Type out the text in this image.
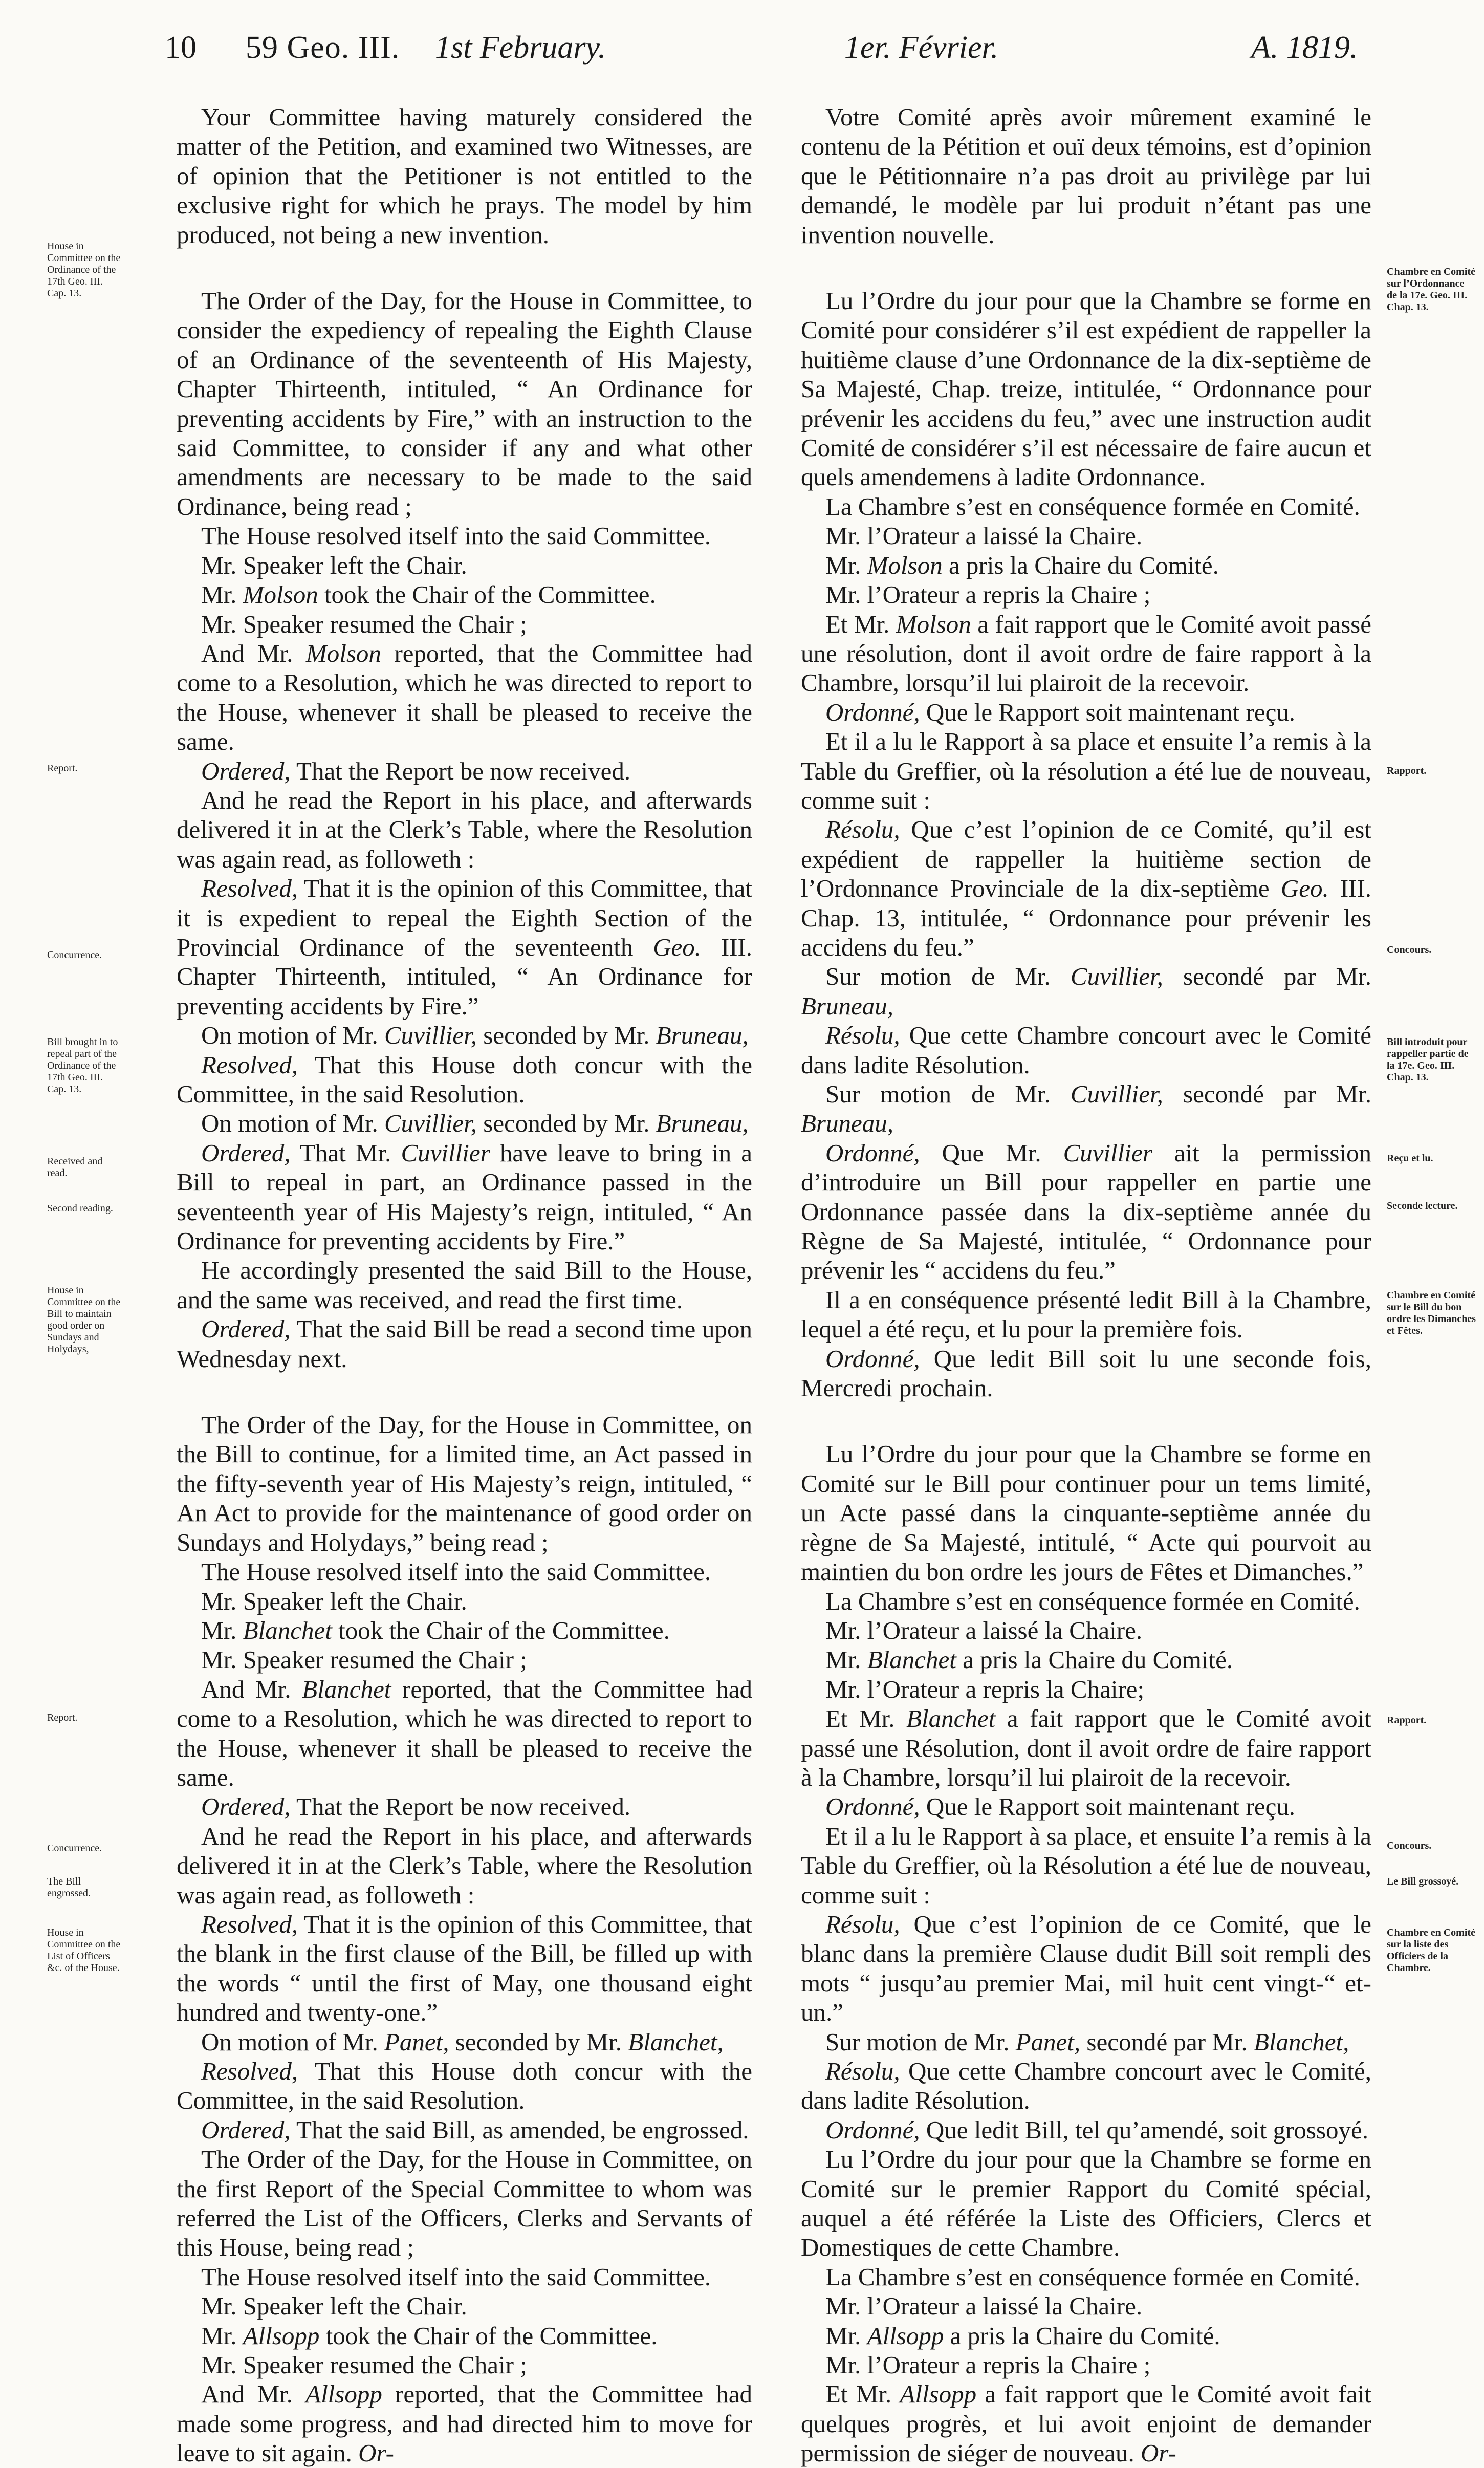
10 59 Geo. III. 1st February.	1er. Février.	A. 1819.
House in Committee on the Ordinance of the 17th Geo. III. Cap. 13.
Report.
Concurrence.
Bill brought in to repeal part of the Ordinance of the 17th Geo. III. Cap. 13.
Received and read.
Second reading.
House in Committee on the Bill to maintain good order on Sundays and Holydays,
Report.
Concurrence.
The Bill engrossed.
House in Committee on the List of Officers &c. of the House.
Chambre en Comité sur l’Ordonnance de la 17e. Geo. III. Chap. 13.
Rapport.
Concours.
Bill introduit pour rappeller partie de la 17e. Geo. III. Chap. 13.
Reçu et lu.
Seconde lecture.
Chambre en Comité sur le Bill du bon ordre les Dimanches et Fêtes.
Rapport.
Concours.
Le Bill grossoyé.
Chambre en Comité sur la liste des Officiers de la Chambre.

Your Committee having maturely considered the matter of the Petition, and examined two Witnesses, are of opinion that the Petitioner is not entitled to the exclusive right for which he prays. The model by him produced, not being a new invention.

The Order of the Day, for the House in Committee, to consider the expediency of repealing the Eighth Clause of an Ordinance of the seventeenth of His Majesty, Chapter Thirteenth, intituled, “ An Ordinance for preventing accidents by Fire,” with an instruction to the said Committee, to consider if any and what other amendments are necessary to be made to the said Ordinance, being read ;

The House resolved itself into the said Committee.

Mr. Speaker left the Chair.

Mr. Molson took the Chair of the Committee.

Mr. Speaker resumed the Chair ;

And Mr. Molson reported, that the Committee had come to a Resolution, which he was directed to report to the House, whenever it shall be pleased to receive the same.

Ordered, That the Report be now received.

And he read the Report in his place, and afterwards delivered it in at the Clerk’s Table, where the Resolution was again read, as followeth :

Resolved, That it is the opinion of this Committee, that it is expedient to repeal the Eighth Section of the Provincial Ordinance of the seventeenth Geo. III. Chapter Thirteenth, intituled, “ An Ordinance for preventing accidents by Fire.”

On motion of Mr. Cuvillier, seconded by Mr. Bruneau,

Resolved, That this House doth concur with the Committee, in the said Resolution.

On motion of Mr. Cuvillier, seconded by Mr. Bruneau,

Ordered, That Mr. Cuvillier have leave to bring in a Bill to repeal in part, an Ordinance passed in the seventeenth year of His Majesty’s reign, intituled, “ An Ordinance for preventing accidents by Fire.”

He accordingly presented the said Bill to the House, and the same was received, and read the first time.

Ordered, That the said Bill be read a second time upon Wednesday next.

The Order of the Day, for the House in Committee, on the Bill to continue, for a limited time, an Act passed in the fifty-seventh year of His Majesty’s reign, intituled, “ An Act to provide for the maintenance of good order on Sundays and Holydays,” being read ;

The House resolved itself into the said Committee.

Mr. Speaker left the Chair.

Mr. Blanchet took the Chair of the Committee.

Mr. Speaker resumed the Chair ;

And Mr. Blanchet reported, that the Committee had come to a Resolution, which he was directed to report to the House, whenever it shall be pleased to receive the same.

Ordered, That the Report be now received.

And he read the Report in his place, and afterwards delivered it in at the Clerk’s Table, where the Resolution was again read, as followeth :

Resolved, That it is the opinion of this Committee, that the blank in the first clause of the Bill, be filled up with the words “ until the first of May, one thousand eight hundred and twenty-one.”

On motion of Mr. Panet, seconded by Mr. Blanchet,

Resolved, That this House doth concur with the Committee, in the said Resolution.

Ordered, That the said Bill, as amended, be engrossed.

The Order of the Day, for the House in Committee, on the first Report of the Special Committee to whom was referred the List of the Officers, Clerks and Servants of this House, being read ;

The House resolved itself into the said Committee.

Mr. Speaker left the Chair.

Mr. Allsopp took the Chair of the Committee.

Mr. Speaker resumed the Chair ;

And Mr. Allsopp reported, that the Committee had made some progress, and had directed him to move for leave to sit again. Or-

Votre Comité après avoir mûrement examiné le contenu de la Pétition et ouï deux témoins, est d’opinion que le Pétitionnaire n’a pas droit au privilège par lui demandé, le modèle par lui produit n’étant pas une invention nouvelle.

Lu l’Ordre du jour pour que la Chambre se forme en Comité pour considérer s’il est expédient de rappeller la huitième clause d’une Ordonnance de la dix-septième de Sa Majesté, Chap. treize, intitulée, “ Ordonnance pour prévenir les accidens du feu,” avec une instruction audit Comité de considérer s’il est nécessaire de faire aucun et quels amendemens à ladite Ordonnance.

La Chambre s’est en conséquence formée en Comité.

Mr. l’Orateur a laissé la Chaire.

Mr. Molson a pris la Chaire du Comité.

Mr. l’Orateur a repris la Chaire ;

Et Mr. Molson a fait rapport que le Comité avoit passé une résolution, dont il avoit ordre de faire rapport à la Chambre, lorsqu’il lui plairoit de la recevoir.

Ordonné, Que le Rapport soit maintenant reçu.

Et il a lu le Rapport à sa place et ensuite l’a remis à la Table du Greffier, où la résolution a été lue de nouveau, comme suit :

Résolu, Que c’est l’opinion de ce Comité, qu’il est expédient de rappeller la huitième section de l’Ordonnance Provinciale de la dix-septième Geo. III. Chap. 13, intitulée, “ Ordonnance pour prévenir les accidens du feu.”

Sur motion de Mr. Cuvillier, secondé par Mr. Bruneau,

Résolu, Que cette Chambre concourt avec le Comité dans ladite Résolution.

Sur motion de Mr. Cuvillier, secondé par Mr. Bruneau,

Ordonné, Que Mr. Cuvillier ait la permission d’introduire un Bill pour rappeller en partie une Ordonnance passée dans la dix-septième année du Règne de Sa Majesté, intitulée, “ Ordonnance pour prévenir les “ accidens du feu.”

Il a en conséquence présenté ledit Bill à la Chambre, lequel a été reçu, et lu pour la première fois.

Ordonné, Que ledit Bill soit lu une seconde fois, Mercredi prochain.

Lu l’Ordre du jour pour que la Chambre se forme en Comité sur le Bill pour continuer pour un tems limité, un Acte passé dans la cinquante-septième année du règne de Sa Majesté, intitulé, “ Acte qui pourvoit au maintien du bon ordre les jours de Fêtes et Dimanches.”

La Chambre s’est en conséquence formée en Comité.

Mr. l’Orateur a laissé la Chaire.

Mr. Blanchet a pris la Chaire du Comité.

Mr. l’Orateur a repris la Chaire;

Et Mr. Blanchet a fait rapport que le Comité avoit passé une Résolution, dont il avoit ordre de faire rapport à la Chambre, lorsqu’il lui plairoit de la recevoir.

Ordonné, Que le Rapport soit maintenant reçu.

Et il a lu le Rapport à sa place, et ensuite l’a remis à la Table du Greffier, où la Résolution a été lue de nouveau, comme suit :

Résolu, Que c’est l’opinion de ce Comité, que le blanc dans la première Clause dudit Bill soit rempli des mots “ jusqu’au premier Mai, mil huit cent vingt-“ et-un.”

Sur motion de Mr. Panet, secondé par Mr. Blanchet,

Résolu, Que cette Chambre concourt avec le Comité, dans ladite Résolution.

Ordonné, Que ledit Bill, tel qu’amendé, soit grossoyé.

Lu l’Ordre du jour pour que la Chambre se forme en Comité sur le premier Rapport du Comité spécial, auquel a été référée la Liste des Officiers, Clercs et Domestiques de cette Chambre.

La Chambre s’est en conséquence formée en Comité.

Mr. l’Orateur a laissé la Chaire.

Mr. Allsopp a pris la Chaire du Comité.

Mr. l’Orateur a repris la Chaire ;

Et Mr. Allsopp a fait rapport que le Comité avoit fait quelques progrès, et lui avoit enjoint de demander permission de siéger de nouveau. Or-
